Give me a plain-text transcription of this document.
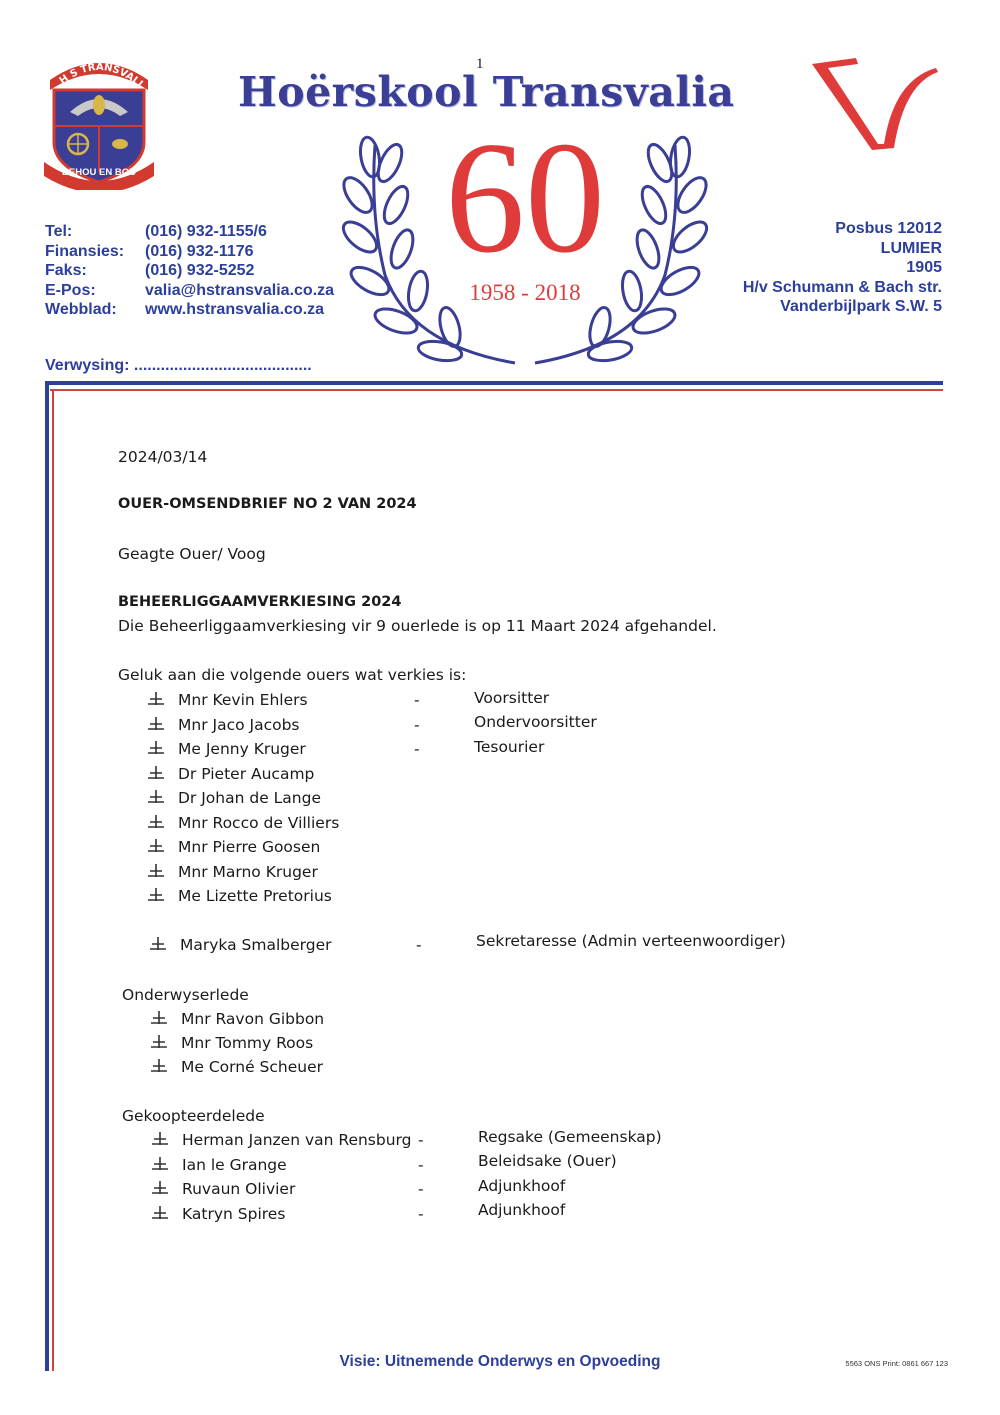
1
H S TRANSVALI
BEHOU EN BOU
Hoërskool Transvalia
60
1958 - 2018
Tel:	(016) 932-1155/6
Finansies:	(016) 932-1176
Faks:	(016) 932-5252
E-Pos:	valia@hstransvalia.co.za
Webblad:	www.hstransvalia.co.za
Posbus 12012
LUMIER
1905
H/v Schumann & Bach str.
Vanderbijlpark S.W. 5
Verwysing: ........................................
2024/03/14
OUER-OMSENDBRIEF NO 2 VAN 2024
Geagte Ouer/ Voog
BEHEERLIGGAAMVERKIESING 2024
Die Beheerliggaamverkiesing vir 9 ouerlede is op 11 Maart 2024 afgehandel.
Geluk aan die volgende ouers wat verkies is:
Mnr Kevin Ehlers	-	Voorsitter
Mnr Jaco Jacobs	-	Ondervoorsitter
Me Jenny Kruger	-	Tesourier
Dr Pieter Aucamp
Dr Johan de Lange
Mnr Rocco de Villiers
Mnr Pierre Goosen
Mnr Marno Kruger
Me Lizette Pretorius
Maryka Smalberger	-	Sekretaresse (Admin verteenwoordiger)
Onderwyserlede
Mnr Ravon Gibbon
Mnr Tommy Roos
Me Corné Scheuer
Gekoopteerdelede
Herman Janzen van Rensburg -	Regsake (Gemeenskap)
Ian le Grange	-	Beleidsake (Ouer)
Ruvaun Olivier	-	Adjunkhoof
Katryn Spires	-	Adjunkhoof
Visie: Uitnemende Onderwys en Opvoeding	5563 ONS Print: 0861 667 123
